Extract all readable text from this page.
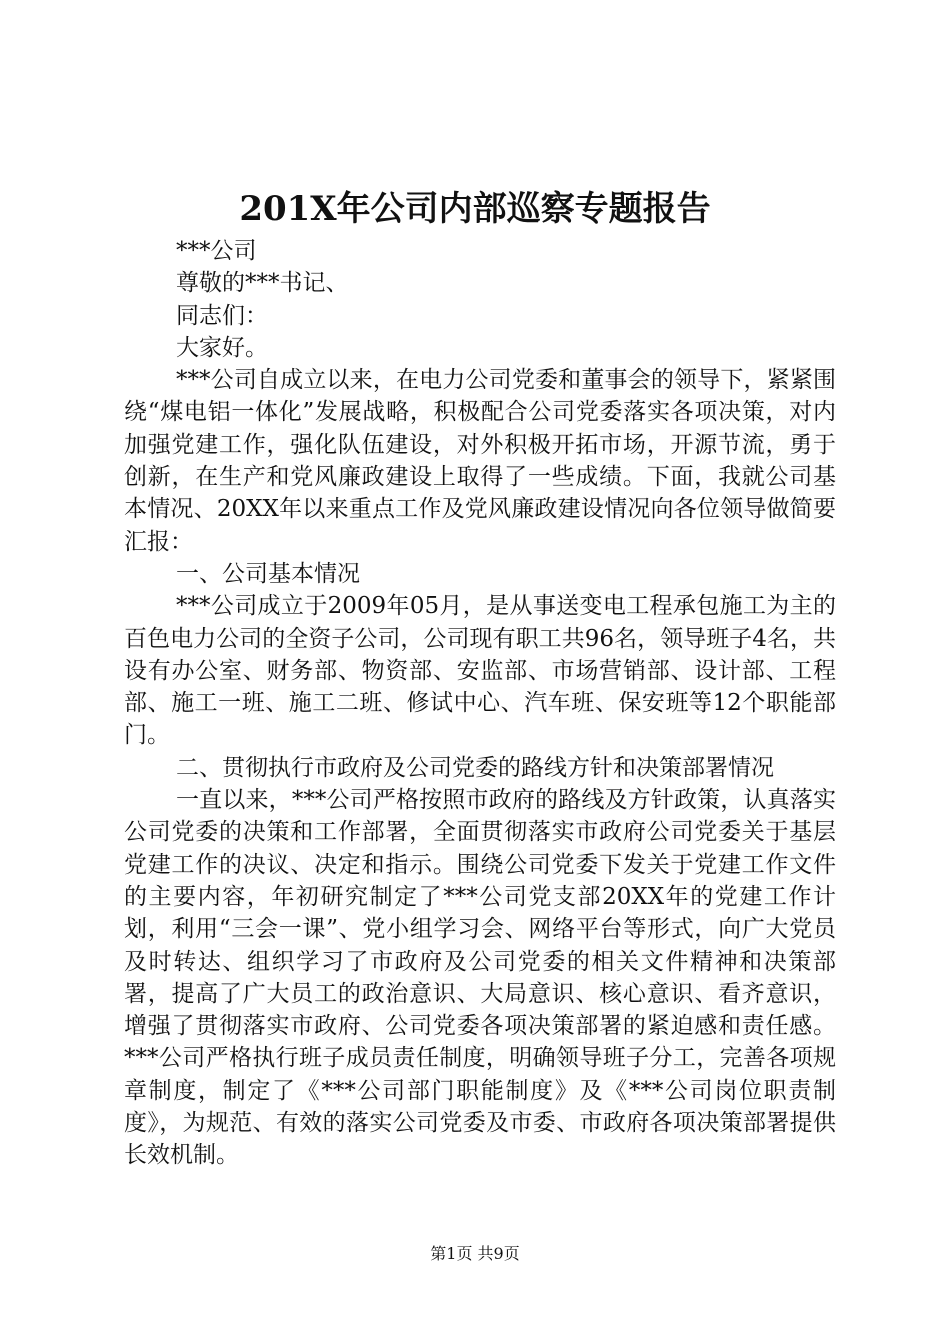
201X年公司内部巡察专题报告

***公司

尊敬的***书记、

同志们：

大家好。

***公司自成立以来，在电力公司党委和董事会的领导下，紧紧围绕“煤电铝一体化”发展战略，积极配合公司党委落实各项决策，对内加强党建工作，强化队伍建设，对外积极开拓市场，开源节流，勇于创新，在生产和党风廉政建设上取得了一些成绩。下面，我就公司基本情况、20XX年以来重点工作及党风廉政建设情况向各位领导做简要汇报：

一、公司基本情况

***公司成立于2009年05月，是从事送变电工程承包施工为主的百色电力公司的全资子公司，公司现有职工共96名，领导班子4名，共设有办公室、财务部、物资部、安监部、市场营销部、设计部、工程部、施工一班、施工二班、修试中心、汽车班、保安班等12个职能部门。

二、贯彻执行市政府及公司党委的路线方针和决策部署情况

一直以来，***公司严格按照市政府的路线及方针政策，认真落实公司党委的决策和工作部署，全面贯彻落实市政府公司党委关于基层党建工作的决议、决定和指示。围绕公司党委下发关于党建工作文件的主要内容，年初研究制定了***公司党支部20XX年的党建工作计划，利用“三会一课”、党小组学习会、网络平台等形式，向广大党员及时转达、组织学习了市政府及公司党委的相关文件精神和决策部署，提高了广大员工的政治意识、大局意识、核心意识、看齐意识，增强了贯彻落实市政府、公司党委各项决策部署的紧迫感和责任感。***公司严格执行班子成员责任制度，明确领导班子分工，完善各项规章制度，制定了《***公司部门职能制度》及《***公司岗位职责制度》，为规范、有效的落实公司党委及市委、市政府各项决策部署提供长效机制。

第1页 共9页
